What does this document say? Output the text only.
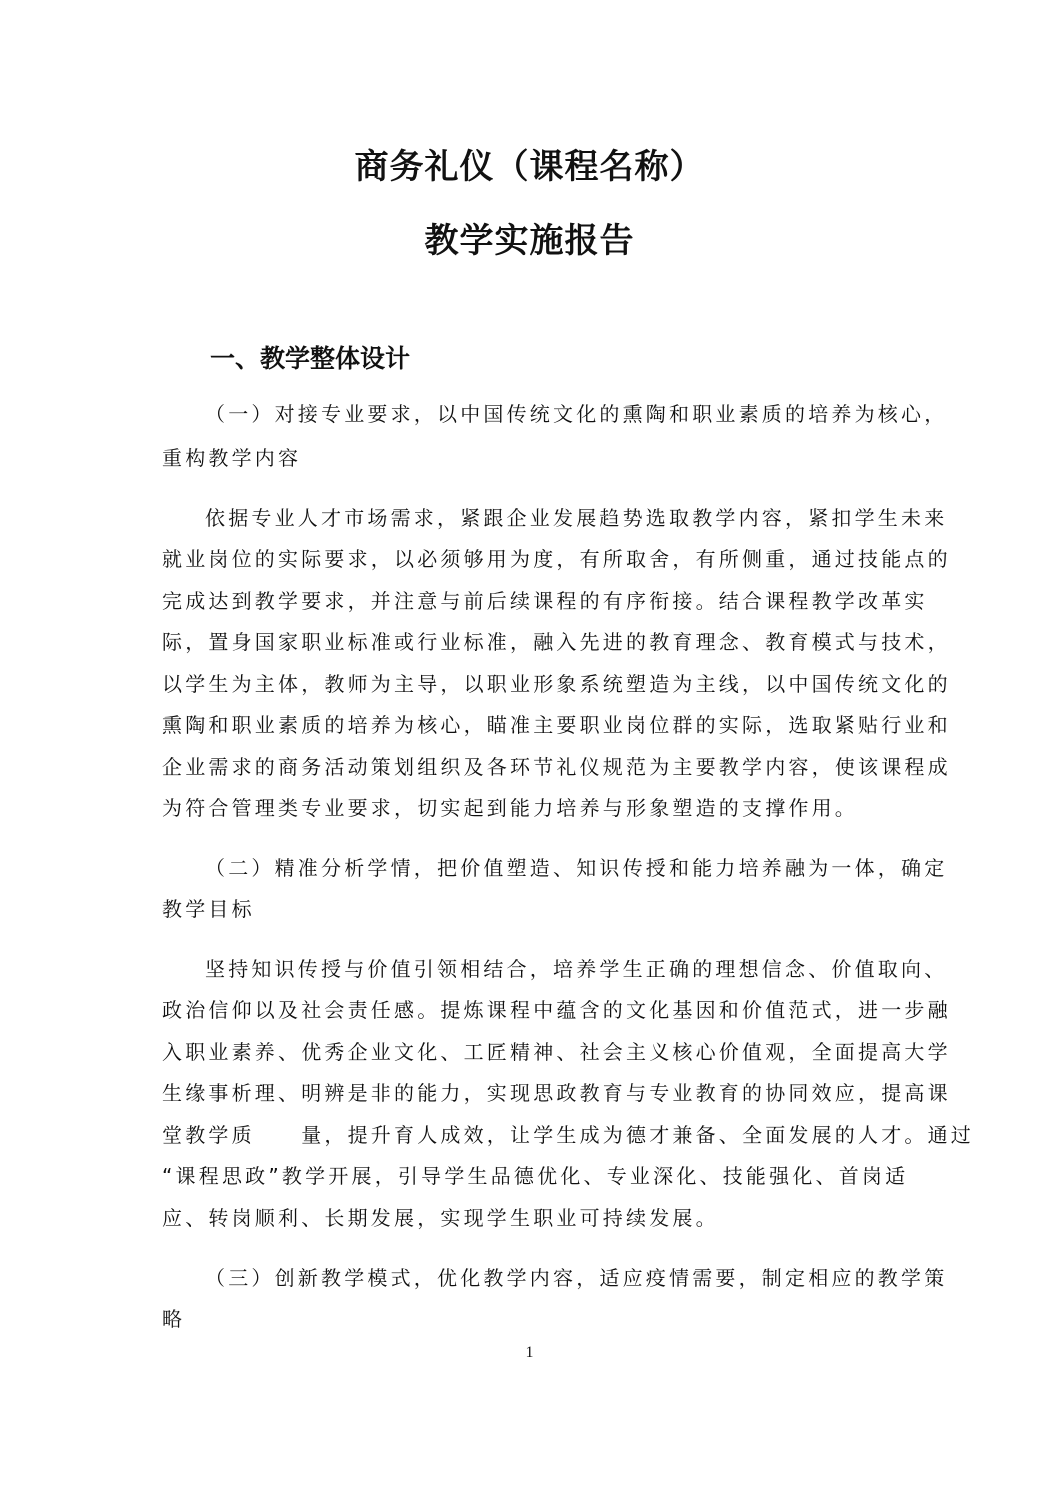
商务礼仪（课程名称）
教学实施报告
一、教学整体设计
（一）对接专业要求，以中国传统文化的熏陶和职业素质的培养为核心，
重构教学内容
依据专业人才市场需求，紧跟企业发展趋势选取教学内容，紧扣学生未来
就业岗位的实际要求，以必须够用为度，有所取舍，有所侧重，通过技能点的
完成达到教学要求，并注意与前后续课程的有序衔接。结合课程教学改革实
际，置身国家职业标准或行业标准，融入先进的教育理念、教育模式与技术，
以学生为主体，教师为主导，以职业形象系统塑造为主线，以中国传统文化的
熏陶和职业素质的培养为核心，瞄准主要职业岗位群的实际，选取紧贴行业和
企业需求的商务活动策划组织及各环节礼仪规范为主要教学内容，使该课程成
为符合管理类专业要求，切实起到能力培养与形象塑造的支撑作用。
（二）精准分析学情，把价值塑造、知识传授和能力培养融为一体，确定
教学目标
坚持知识传授与价值引领相结合，培养学生正确的理想信念、价值取向、
政治信仰以及社会责任感。提炼课程中蕴含的文化基因和价值范式，进一步融
入职业素养、优秀企业文化、工匠精神、社会主义核心价值观，全面提高大学
生缘事析理、明辨是非的能力，实现思政教育与专业教育的协同效应，提高课
堂教学质　　量，提升育人成效，让学生成为德才兼备、全面发展的人才。通过
“课程思政”教学开展，引导学生品德优化、专业深化、技能强化、首岗适
应、转岗顺利、长期发展，实现学生职业可持续发展。
（三）创新教学模式，优化教学内容，适应疫情需要，制定相应的教学策
略
1
